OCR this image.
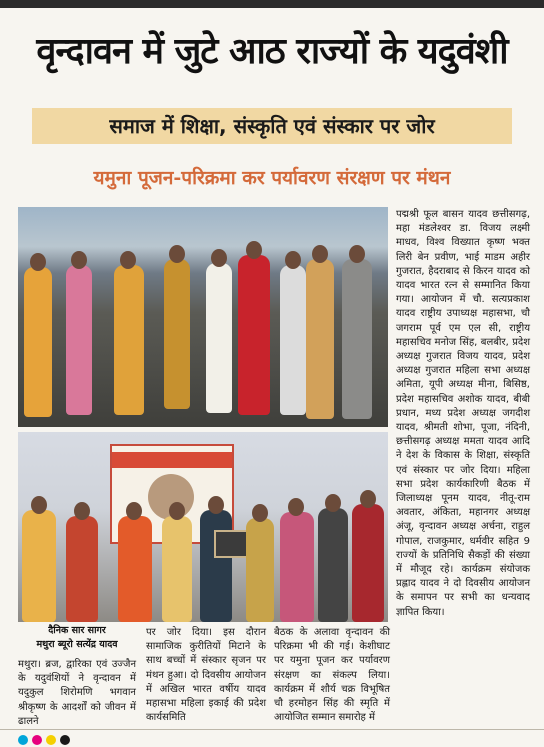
वृन्दावन में जुटे आठ राज्यों के यदुवंशी
समाज में शिक्षा, संस्कृति एवं संस्कार पर जोर
यमुना पूजन-परिक्रमा कर पर्यावरण संरक्षण पर मंथन
पद्मश्री फूल बासन यादव छत्तीसगढ़, महा मंडलेश्वर डा. विजय लक्ष्मी माधव, विश्व विख्यात कृष्ण भक्त लिरी बेन प्रवीण, भाई माडम अहीर गुजरात, हैदराबाद से किरन यादव को यादव भारत रत्न से सम्मानित किया गया। आयोजन में चौ. सत्यप्रकाश यादव राष्ट्रीय उपाध्यक्ष महासभा, चौ जगराम पूर्व एम एल सी, राष्ट्रीय महासचिव मनोज सिंह, बलबीर, प्रदेश अध्यक्ष गुजरात विजय यादव, प्रदेश अध्यक्ष गुजरात महिला सभा अध्यक्ष अमिता, यूपी अध्यक्ष मीना, बिसिष्ठ, प्रदेश महासचिव अशोक यादव, बीबी प्रधान, मध्य प्रदेश अध्यक्ष जगदीश यादव, श्रीमती शोभा, पूजा, नंदिनी, छत्तीसगढ़ अध्यक्ष ममता यादव आदि ने देश के विकास के शिक्षा, संस्कृति एवं संस्कार पर जोर दिया। महिला सभा प्रदेश कार्यकारिणी बैठक में जिलाध्यक्ष पूनम यादव, नीतू-राम अवतार, अंकिता, महानगर अध्यक्ष अंजू, वृन्दावन अध्यक्ष अर्चना, राहुल गोपाल, राजकुमार, धर्मवीर सहित 9 राज्यों के प्रतिनिधि सैकड़ों की संख्या में मौजूद रहे। कार्यक्रम संयोजक प्रह्लाद यादव ने दो दिवसीय आयोजन के समापन पर सभी का धन्यवाद ज्ञापित किया।
दैनिक सार सागर
मथुरा ब्यूरो सत्येंद्र यादव
मथुरा। ब्रज, द्वारिका एवं उज्जैन के यदुवंशियों ने वृन्दावन में यदुकुल शिरोमणि भगवान श्रीकृष्ण के आदर्शों को जीवन में ढालने
पर जोर दिया। इस दौरान सामाजिक कुरीतियों मिटाने के साथ बच्चों में संस्कार सृजन पर मंथन हुआ। दो दिवसीय आयोजन में अखिल भारत वर्षीय यादव महासभा महिला इकाई की प्रदेश कार्यसमिति
बैठक के अलावा वृन्दावन की परिक्रमा भी की गई। केशीघाट पर यमुना पूजन कर पर्यावरण संरक्षण का संकल्प लिया। कार्यक्रम में शौर्य चक्र विभूषित चौ हरमोहन सिंह की स्मृति में आयोजित सम्मान समारोह में
